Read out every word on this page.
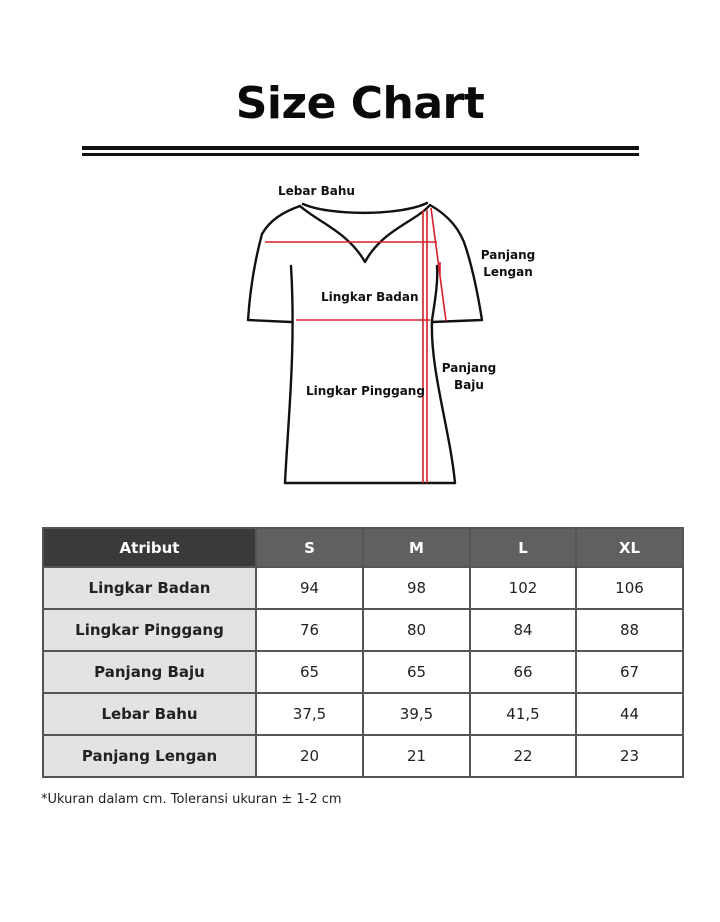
Size Chart
Lebar Bahu
Panjang
Lengan
Lingkar Badan
Panjang
Baju
Lingkar Pinggang
Atribut	S	M	L	XL
Lingkar Badan	94	98	102	106
Lingkar Pinggang	76	80	84	88
Panjang Baju	65	65	66	67
Lebar Bahu	37,5	39,5	41,5	44
Panjang Lengan	20	21	22	23
*Ukuran dalam cm. Toleransi ukuran ± 1-2 cm
